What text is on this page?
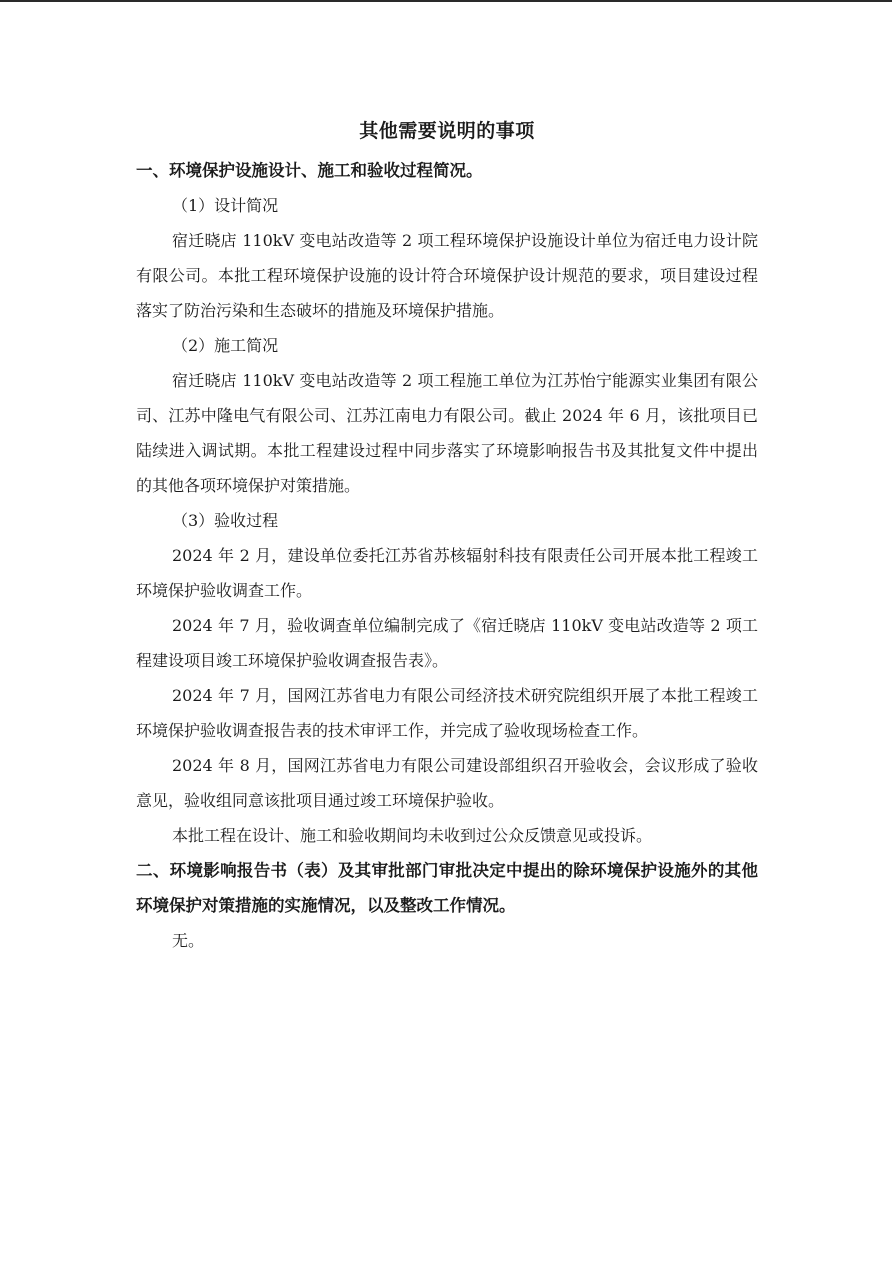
其他需要说明的事项

一、环境保护设施设计、施工和验收过程简况。

（1）设计简况

宿迁晓店 110kV 变电站改造等 2 项工程环境保护设施设计单位为宿迁电力设计院有限公司。本批工程环境保护设施的设计符合环境保护设计规范的要求，项目建设过程落实了防治污染和生态破坏的措施及环境保护措施。

（2）施工简况

宿迁晓店 110kV 变电站改造等 2 项工程施工单位为江苏怡宁能源实业集团有限公司、江苏中隆电气有限公司、江苏江南电力有限公司。截止 2024 年 6 月，该批项目已陆续进入调试期。本批工程建设过程中同步落实了环境影响报告书及其批复文件中提出的其他各项环境保护对策措施。

（3）验收过程

2024 年 2 月，建设单位委托江苏省苏核辐射科技有限责任公司开展本批工程竣工环境保护验收调查工作。

2024 年 7 月，验收调查单位编制完成了《宿迁晓店 110kV 变电站改造等 2 项工程建设项目竣工环境保护验收调查报告表》。

2024 年 7 月，国网江苏省电力有限公司经济技术研究院组织开展了本批工程竣工环境保护验收调查报告表的技术审评工作，并完成了验收现场检查工作。

2024 年 8 月，国网江苏省电力有限公司建设部组织召开验收会，会议形成了验收意见，验收组同意该批项目通过竣工环境保护验收。

本批工程在设计、施工和验收期间均未收到过公众反馈意见或投诉。

二、环境影响报告书（表）及其审批部门审批决定中提出的除环境保护设施外的其他环境保护对策措施的实施情况，以及整改工作情况。

无。
